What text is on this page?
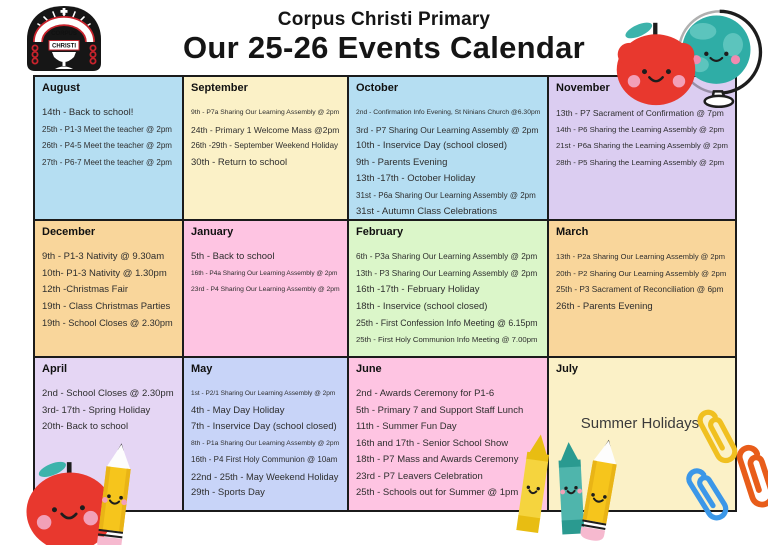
CORPUS
CHRISTI
Corpus Christi Primary
Our 25-26 Events Calendar
August
14th - Back to school!
25th - P1-3 Meet the teacher @ 2pm
26th - P4-5 Meet the teacher @ 2pm
27th - P6-7 Meet the teacher @ 2pm
September
9th - P7a Sharing Our Learning Assembly @ 2pm
24th - Primary 1 Welcome Mass @2pm
26th -29th - September Weekend Holiday
30th - Return to school
October
2nd - Confirmation Info Evening, St Ninians Church @6.30pm
3rd - P7 Sharing Our Learning Assembly @ 2pm
10th - Inservice Day (school closed)
9th - Parents Evening
13th -17th - October Holiday
31st - P6a Sharing Our Learning Assembly @ 2pm
31st - Autumn Class Celebrations
November
13th - P7 Sacrament of Confirmation @ 7pm
14th - P6 Sharing the Learning Assembly @ 2pm
21st - P6a Sharing the Learning Assembly @ 2pm
28th - P5 Sharing the Learning Assembly @ 2pm
December
9th - P1-3 Nativity @ 9.30am
10th- P1-3 Nativity @ 1.30pm
12th -Christmas Fair
19th - Class Christmas Parties
19th - School Closes @ 2.30pm
January
5th - Back to school
16th - P4a Sharing Our Learning Assembly @ 2pm
23rd - P4 Sharing Our Learning Assembly @ 2pm
February
6th - P3a Sharing Our Learning Assembly @ 2pm
13th - P3 Sharing Our Learning Assembly @ 2pm
16th -17th - February Holiday
18th - Inservice (school closed)
25th - First Confession Info Meeting @ 6.15pm
25th - First Holy Communion Info Meeting @ 7.00pm
March
13th - P2a Sharing Our Learning Assembly @ 2pm
20th - P2 Sharing Our Learning Assembly @ 2pm
25th - P3 Sacrament of Reconciliation @ 6pm
26th - Parents Evening
April
2nd - School Closes @ 2.30pm
3rd- 17th - Spring Holiday
20th- Back to school
May
1st - P2/1 Sharing Our Learning Assembly @ 2pm
4th - May Day Holiday
7th - Inservice Day (school closed)
8th - P1a Sharing Our Learning Assembly @ 2pm
16th - P4 First Holy Communion @ 10am
22nd - 25th - May Weekend Holiday
29th - Sports Day
June
2nd - Awards Ceremony for P1-6
5th - Primary 7 and Support Staff Lunch
11th - Summer Fun Day
16th and 17th - Senior School Show
18th - P7 Mass and Awards Ceremony
23rd - P7 Leavers Celebration
25th - Schools out for Summer @ 1pm
July
Summer Holidays!
